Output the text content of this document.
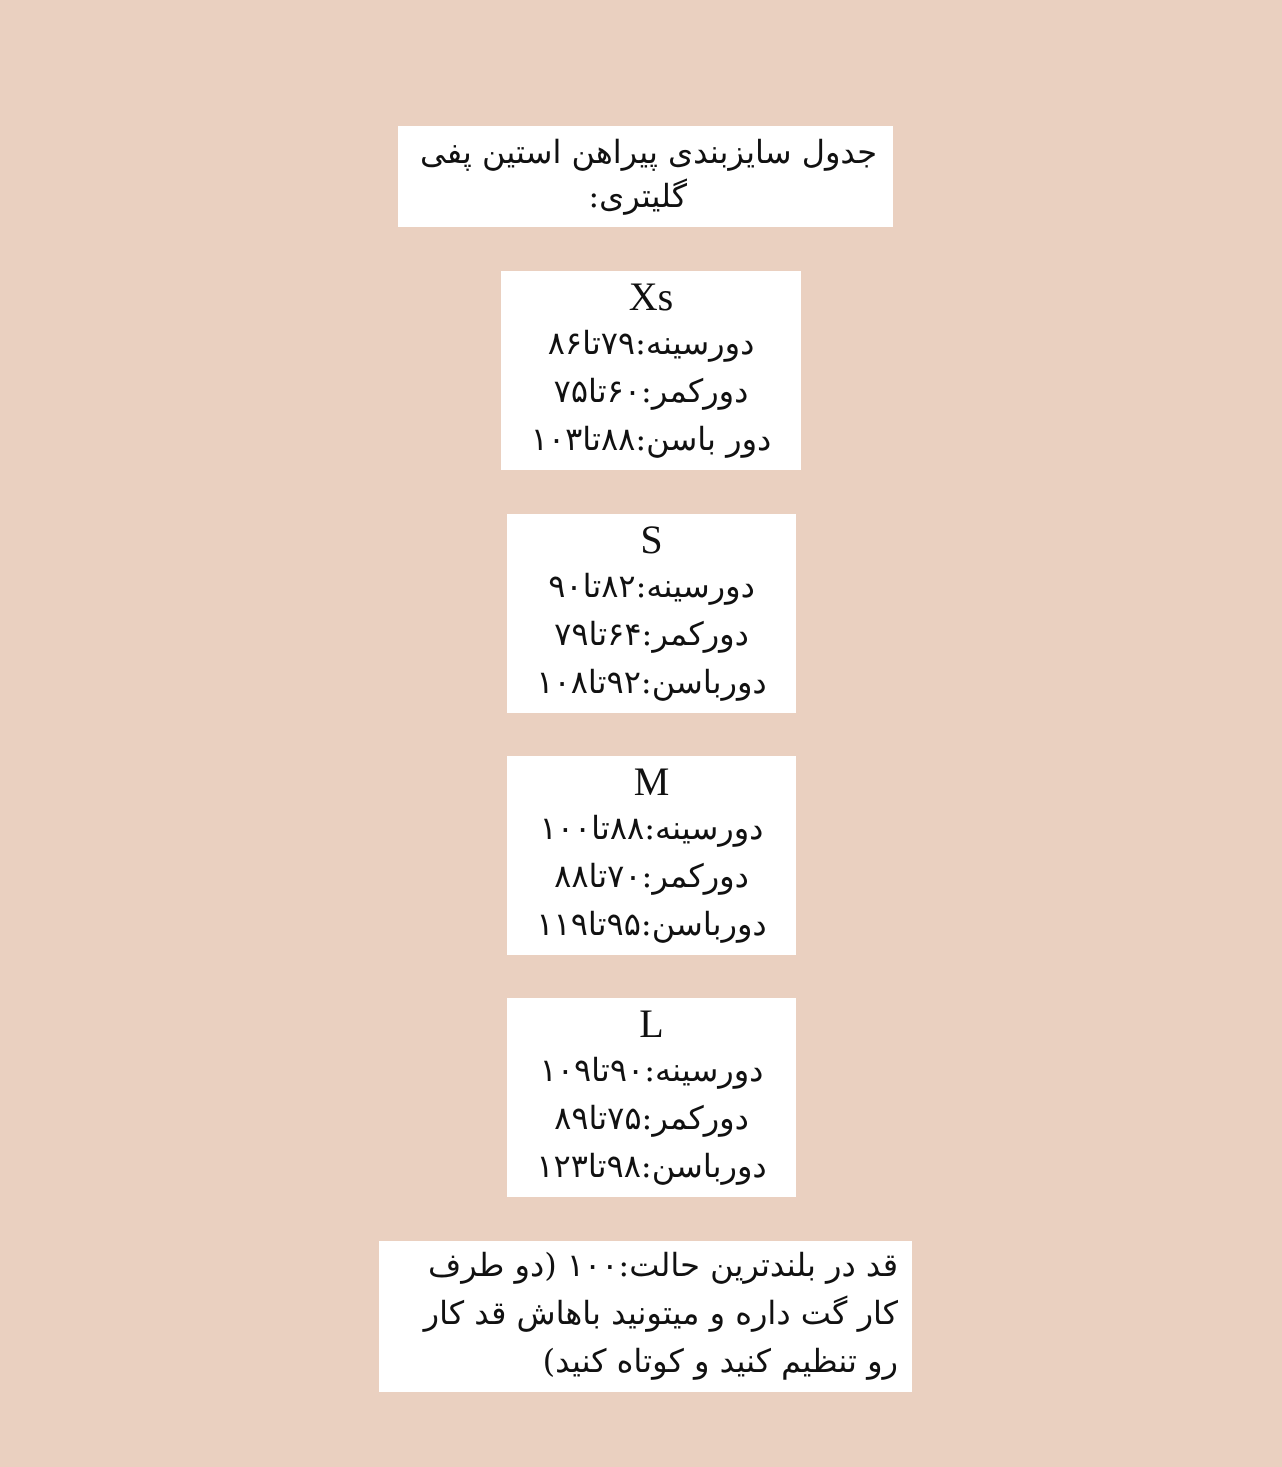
جدول سایزبندی پیراهن استین پفی
گلیتری:
Xs
دورسینه:۷۹تا۸۶
دورکمر:۶۰تا۷۵
دور باسن:۸۸تا۱۰۳
S
دورسینه:۸۲تا۹۰
دورکمر:۶۴تا۷۹
دورباسن:۹۲تا۱۰۸
M
دورسینه:۸۸تا۱۰۰
دورکمر:۷۰تا۸۸
دورباسن:۹۵تا۱۱۹
L
دورسینه:۹۰تا۱۰۹
دورکمر:۷۵تا۸۹
دورباسن:۹۸تا۱۲۳
قد در بلندترین حالت:۱۰۰ (دو طرف
کار گت داره و میتونید باهاش قد کار
رو تنظیم کنید و کوتاه کنید)
